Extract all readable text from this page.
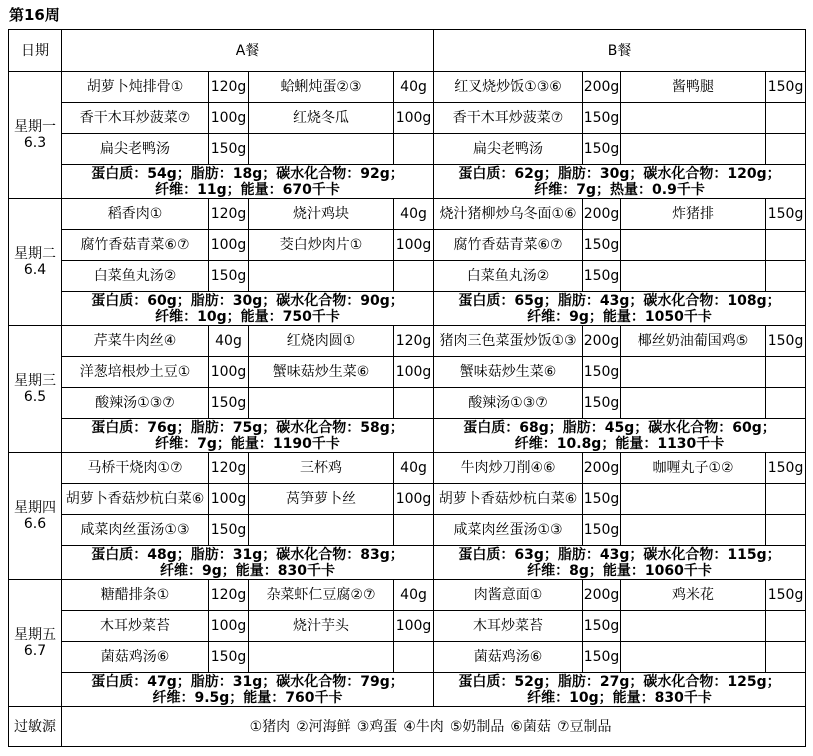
第16周
日期	A餐				B餐			

星期一
6.3	胡萝卜炖排骨①	120g	蛤蜊炖蛋②③	40g	红叉烧炒饭①③⑥	200g	酱鸭腿	150g
	香干木耳炒菠菜⑦	100g	红烧冬瓜	100g	香干木耳炒菠菜⑦	150g		
	扁尖老鸭汤	150g			扁尖老鸭汤	150g		

	蛋白质：54g；脂肪：18g；碳水化合物：92g；
纤维：11g；能量：670千卡				蛋白质：62g；脂肪：30g；碳水化合物：120g；
纤维：7g；热量：0.9千卡			

星期二
6.4	稻香肉①	120g	烧汁鸡块	40g	烧汁猪柳炒乌冬面①⑥	200g	炸猪排	150g
	腐竹香菇青菜⑥⑦	100g	茭白炒肉片①	100g	腐竹香菇青菜⑥⑦	150g		
	白菜鱼丸汤②	150g			白菜鱼丸汤②	150g		

	蛋白质：60g；脂肪：30g；碳水化合物：90g；
纤维：10g；能量：750千卡				蛋白质：65g；脂肪：43g；碳水化合物：108g；
纤维：9g；能量：1050千卡			

星期三
6.5	芹菜牛肉丝④	40g	红烧肉圆①	120g	猪肉三色菜蛋炒饭①③	200g	椰丝奶油葡国鸡⑤	150g
	洋葱培根炒土豆①	100g	蟹味菇炒生菜⑥	100g	蟹味菇炒生菜⑥	150g		
	酸辣汤①③⑦	150g			酸辣汤①③⑦	150g		

	蛋白质：76g；脂肪：75g；碳水化合物：58g；
纤维：7g；能量：1190千卡				蛋白质：68g；脂肪：45g；碳水化合物：60g；
纤维：10.8g；能量：1130千卡			

星期四
6.6	马桥干烧肉①⑦	120g	三杯鸡	40g	牛肉炒刀削④⑥	200g	咖喱丸子①②	150g
	胡萝卜香菇炒杭白菜⑥	100g	莴笋萝卜丝	100g	胡萝卜香菇炒杭白菜⑥	150g		
	咸菜肉丝蛋汤①③	150g			咸菜肉丝蛋汤①③	150g		

	蛋白质：48g；脂肪：31g；碳水化合物：83g；
纤维：9g；能量：830千卡				蛋白质：63g；脂肪：43g；碳水化合物：115g；
纤维：8g；能量：1060千卡			

星期五
6.7	糖醋排条①	120g	杂菜虾仁豆腐②⑦	40g	肉酱意面①	200g	鸡米花	150g
	木耳炒菜苔	100g	烧汁芋头	100g	木耳炒菜苔	150g		
	菌菇鸡汤⑥	150g			菌菇鸡汤⑥	150g		

	蛋白质：47g；脂肪：31g；碳水化合物：79g；
纤维：9.5g；能量：760千卡				蛋白质：52g；脂肪：27g；碳水化合物：125g；
纤维：10g；能量：830千卡			

过敏源	①猪肉 ②河海鲜 ③鸡蛋 ④牛肉 ⑤奶制品 ⑥菌菇 ⑦豆制品							
